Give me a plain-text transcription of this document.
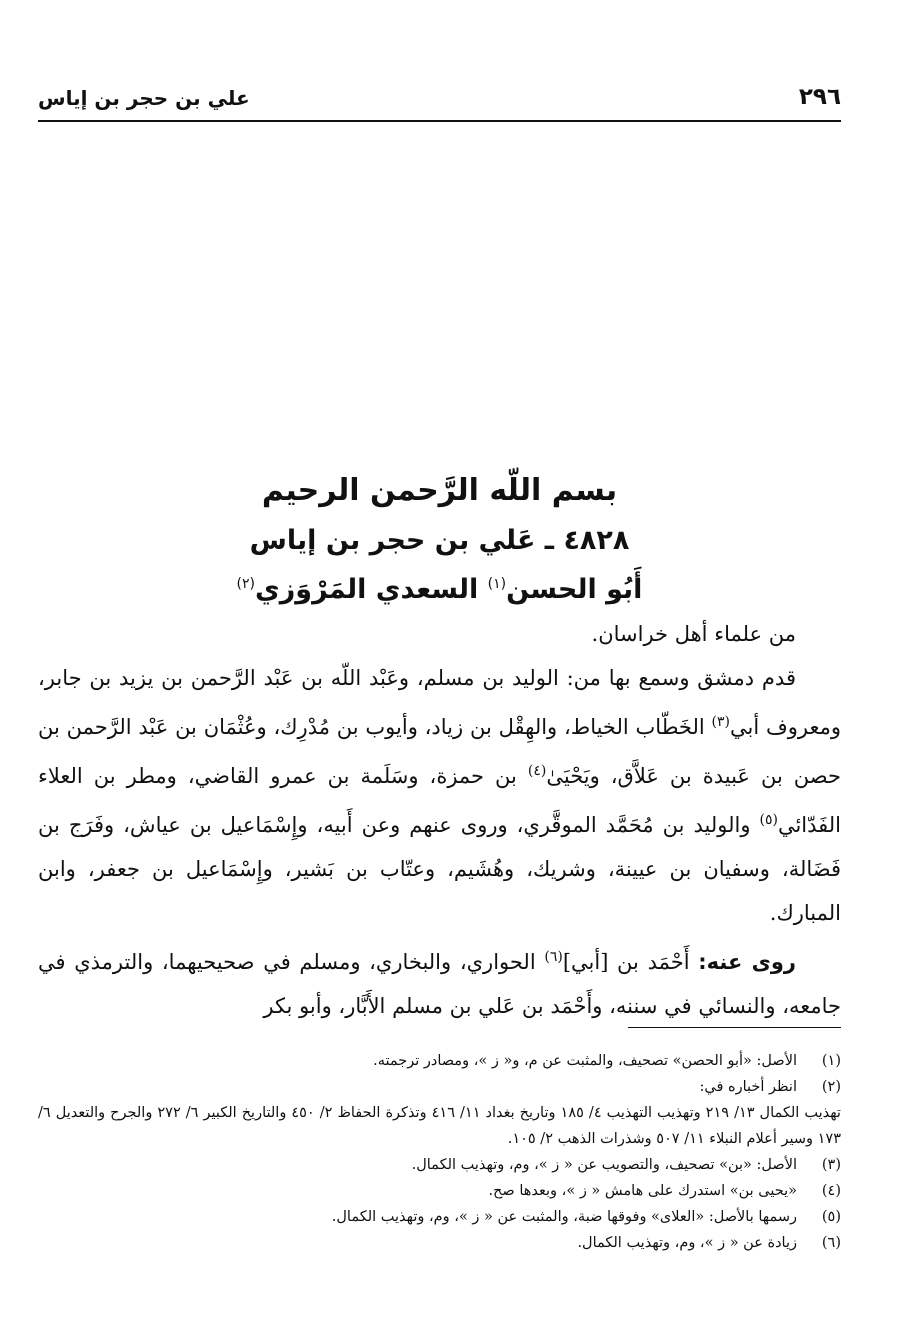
٢٩٦
علي بن حجر بن إياس
بسم اللّه الرَّحمن الرحيم
٤٨٢٨ ـ عَلي بن حجر بن إياس
أَبُو الحسن$^{(١)}$ السعدي المَرْوَزي$^{(٢)}$

من علماء أهل خراسان.

قدم دمشق وسمع بها من: الوليد بن مسلم، وعَبْد اللّه بن عَبْد الرَّحمن بن يزيد بن جابر، ومعروف أبي$^{(٣)}$ الخَطّاب الخياط، والهِقْل بن زياد، وأيوب بن مُدْرِك، وعُثْمَان بن عَبْد الرَّحمن بن حصن بن عَبيدة بن عَلاَّق، ويَحْيَىٰ$^{(٤)}$ بن حمزة، وسَلَمة بن عمرو القاضي، ومطر بن العلاء الفَدّائي$^{(٥)}$ والوليد بن مُحَمَّد الموقَّري، وروى عنهم وعن أَبيه، وإِسْمَاعيل بن عياش، وفَرَج بن فَضَالة، وسفيان بن عيينة، وشريك، وهُشَيم، وعتّاب بن بَشير، وإِسْمَاعيل بن جعفر، وابن المبارك.

روى عنه: أَحْمَد بن [أبي]$^{(٦)}$ الحواري، والبخاري، ومسلم في صحيحيهما، والترمذي في جامعه، والنسائي في سننه، وأَحْمَد بن عَلي بن مسلم الأَبَّار، وأبو بكر

(١)
الأصل: «أبو الحصن» تصحيف، والمثبت عن م، و« ز »، ومصادر ترجمته.
(٢)
انظر أخباره في:
تهذيب الكمال ١٣/ ٢١٩ وتهذيب التهذيب ٤/ ١٨٥ وتاريخ بغداد ١١/ ٤١٦ وتذكرة الحفاظ ٢/ ٤٥٠ والتاريخ الكبير ٦/ ٢٧٢ والجرح والتعديل ٦/ ١٧٣ وسير أعلام النبلاء ١١/ ٥٠٧ وشذرات الذهب ٢/ ١٠٥.
(٣)
الأصل: «بن» تصحيف، والتصويب عن « ز »، وم، وتهذيب الكمال.
(٤)
«يحيى بن» استدرك على هامش « ز »، وبعدها صح.
(٥)
رسمها بالأصل: «العلاى» وفوقها ضبة، والمثبت عن « ز »، وم، وتهذيب الكمال.
(٦)
زيادة عن « ز »، وم، وتهذيب الكمال.
